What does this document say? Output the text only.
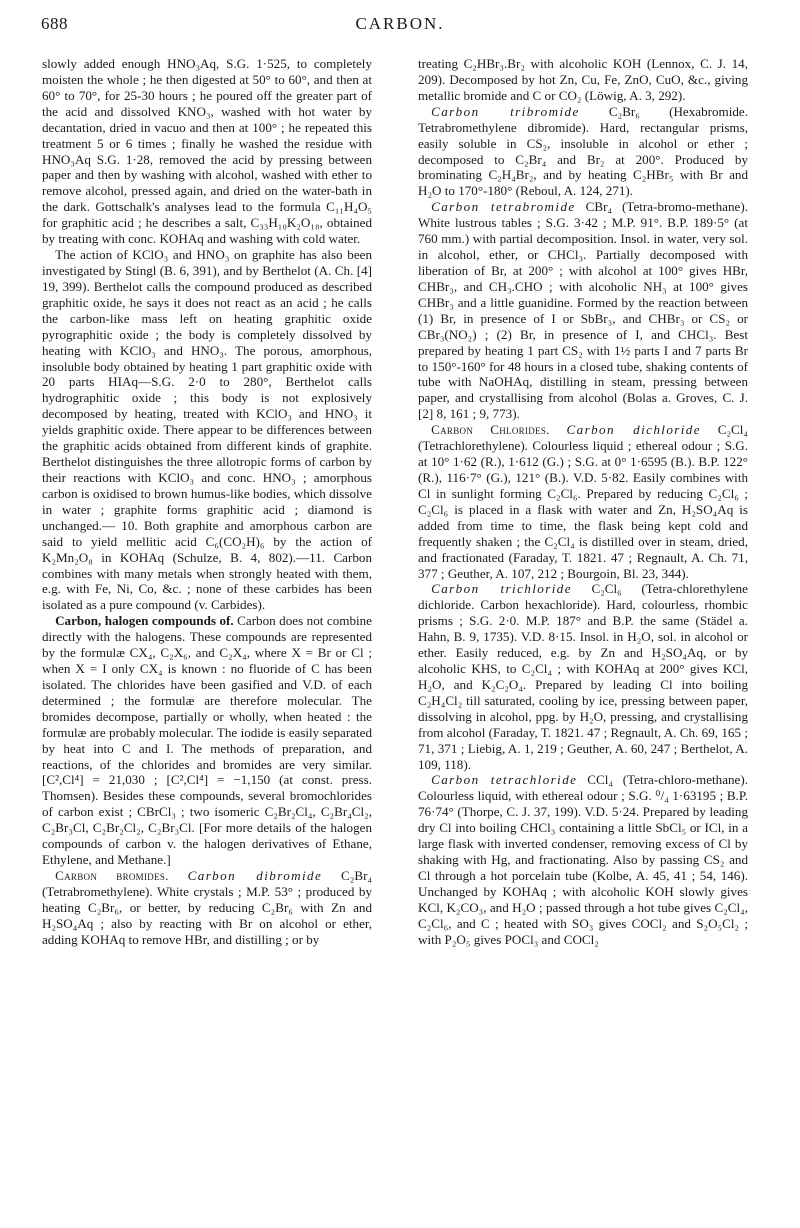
688	CARBON.

slowly added enough HNO₃Aq, S.G. 1·525, to completely moisten the whole ; he then digested at 50° to 60°, and then at 60° to 70°, for 25-30 hours ; he poured off the greater part of the acid and dissolved KNO₃, washed with hot water by decantation, dried in vacuo and then at 100° ; he repeated this treatment 5 or 6 times ; finally he washed the residue with HNO₃Aq S.G. 1·28, removed the acid by pressing between paper and then by washing with alcohol, washed with ether to remove alcohol, pressed again, and dried on the water-bath in the dark. Gottschalk's analyses lead to the formula C₁₁H₄O₅ for graphitic acid ; he describes a salt, C₃₃H₁₀K₂O₁₈, obtained by treating with conc. KOHAq and washing with cold water.

The action of KClO₃ and HNO₃ on graphite has also been investigated by Stingl (B. 6, 391), and by Berthelot (A. Ch. [4] 19, 399). Berthelot calls the compound produced as described graphitic oxide, he says it does not react as an acid ; he calls the carbon-like mass left on heating graphitic oxide pyrographitic oxide ; the body is completely dissolved by heating with KClO₃ and HNO₃. The porous, amorphous, insoluble body obtained by heating 1 part graphitic oxide with 20 parts HIAq—S.G. 2·0 to 280°, Berthelot calls hydrographitic oxide ; this body is not explosively decomposed by heating, treated with KClO₃ and HNO₃ it yields graphitic oxide. There appear to be differences between the graphitic acids obtained from different kinds of graphite. Berthelot distinguishes the three allotropic forms of carbon by their reactions with KClO₃ and conc. HNO₃ ; amorphous carbon is oxidised to brown humus-like bodies, which dissolve in water ; graphite forms graphitic acid ; diamond is unchanged.— 10. Both graphite and amorphous carbon are said to yield mellitic acid C₆(CO₂H)₆ by the action of K₂Mn₂O₈ in KOHAq (Schulze, B. 4, 802).—11. Carbon combines with many metals when strongly heated with them, e.g. with Fe, Ni, Co, &c. ; none of these carbides has been isolated as a pure compound (v. Carbides).

Carbon, halogen compounds of. Carbon does not combine directly with the halogens. These compounds are represented by the formulæ CX₄, C₂X₆, and C₂X₄, where X = Br or Cl ; when X = I only CX₄ is known : no fluoride of C has been isolated. The chlorides have been gasified and V.D. of each determined ; the formulæ are therefore molecular. The bromides decompose, partially or wholly, when heated : the formulæ are probably molecular. The iodide is easily separated by heat into C and I. The methods of preparation, and reactions, of the chlorides and bromides are very similar. [C²,Cl⁴] = 21,030 ; [C²,Cl⁴] = −1,150 (at const. press. Thomsen). Besides these compounds, several bromochlorides of carbon exist ; CBrCl₃ ; two isomeric C₂Br₂Cl₄, C₂Br₄Cl₂, C₂Br₃Cl, C₂Br₂Cl₂, C₂Br₃Cl. [For more details of the halogen compounds of carbon v. the halogen derivatives of Ethane, Ethylene, and Methane.]

Carbon bromides. Carbon dibromide C₂Br₄ (Tetrabromethylene). White crystals ; M.P. 53° ; produced by heating C₂Br₆, or better, by reducing C₂Br₆ with Zn and H₂SO₄Aq ; also by reacting with Br on alcohol or ether, adding KOHAq to remove HBr, and distilling ; or by

treating C₂HBr₃.Br₂ with alcoholic KOH (Lennox, C. J. 14, 209). Decomposed by hot Zn, Cu, Fe, ZnO, CuO, &c., giving metallic bromide and C or CO₂ (Löwig, A. 3, 292).

Carbon tribromide C₂Br₆ (Hexabromide. Tetrabromethylene dibromide). Hard, rectangular prisms, easily soluble in CS₂, insoluble in alcohol or ether ; decomposed to C₂Br₄ and Br₂ at 200°. Produced by brominating C₂H₄Br₂, and by heating C₂HBr₅ with Br and H₂O to 170°-180° (Reboul, A. 124, 271).

Carbon tetrabromide CBr₄ (Tetra-bromo-methane). White lustrous tables ; S.G. 3·42 ; M.P. 91°. B.P. 189·5° (at 760 mm.) with partial decomposition. Insol. in water, very sol. in alcohol, ether, or CHCl₃. Partially decomposed with liberation of Br, at 200° ; with alcohol at 100° gives HBr, CHBr₃, and CH₃.CHO ; with alcoholic NH₃ at 100° gives CHBr₃ and a little guanidine. Formed by the reaction between (1) Br, in presence of I or SbBr₃, and CHBr₃ or CS₂ or CBr₃(NO₂) ; (2) Br, in presence of I, and CHCl₃. Best prepared by heating 1 part CS₂ with 1½ parts I and 7 parts Br to 150°-160° for 48 hours in a closed tube, shaking contents of tube with NaOHAq, distilling in steam, pressing between paper, and crystallising from alcohol (Bolas a. Groves, C. J. [2] 8, 161 ; 9, 773).

Carbon Chlorides. Carbon dichloride C₂Cl₄ (Tetrachlorethylene). Colourless liquid ; ethereal odour ; S.G. at 10° 1·62 (R.), 1·612 (G.) ; S.G. at 0° 1·6595 (B.). B.P. 122° (R.), 116·7° (G.), 121° (B.). V.D. 5·82. Easily combines with Cl in sunlight forming C₂Cl₆. Prepared by reducing C₂Cl₆ ; C₂Cl₆ is placed in a flask with water and Zn, H₂SO₄Aq is added from time to time, the flask being kept cold and frequently shaken ; the C₂Cl₄ is distilled over in steam, dried, and fractionated (Faraday, T. 1821. 47 ; Regnault, A. Ch. 71, 377 ; Geuther, A. 107, 212 ; Bourgoin, Bl. 23, 344).

Carbon trichloride C₂Cl₆ (Tetra-chlorethylene dichloride. Carbon hexachloride). Hard, colourless, rhombic prisms ; S.G. 2·0. M.P. 187° and B.P. the same (Städel a. Hahn, B. 9, 1735). V.D. 8·15. Insol. in H₂O, sol. in alcohol or ether. Easily reduced, e.g. by Zn and H₂SO₄Aq, or by alcoholic KHS, to C₂Cl₄ ; with KOHAq at 200° gives KCl, H₂O, and K₂C₂O₄. Prepared by leading Cl into boiling C₂H₄Cl₂ till saturated, cooling by ice, pressing between paper, dissolving in alcohol, ppg. by H₂O, pressing, and crystallising from alcohol (Faraday, T. 1821. 47 ; Regnault, A. Ch. 69, 165 ; 71, 371 ; Liebig, A. 1, 219 ; Geuther, A. 60, 247 ; Berthelot, A. 109, 118).

Carbon tetrachloride CCl₄ (Tetra-chloro-methane). Colourless liquid, with ethereal odour ; S.G. ⁰/₄ 1·63195 ; B.P. 76·74° (Thorpe, C. J. 37, 199). V.D. 5·24. Prepared by leading dry Cl into boiling CHCl₃ containing a little SbCl₅ or ICl, in a large flask with inverted condenser, removing excess of Cl by shaking with Hg, and fractionating. Also by passing CS₂ and Cl through a hot porcelain tube (Kolbe, A. 45, 41 ; 54, 146). Unchanged by KOHAq ; with alcoholic KOH slowly gives KCl, K₂CO₃, and H₂O ; passed through a hot tube gives C₂Cl₄, C₂Cl₆, and C ; heated with SO₃ gives COCl₂ and S₂O₅Cl₂ ; with P₂O₅ gives POCl₃ and COCl₂
